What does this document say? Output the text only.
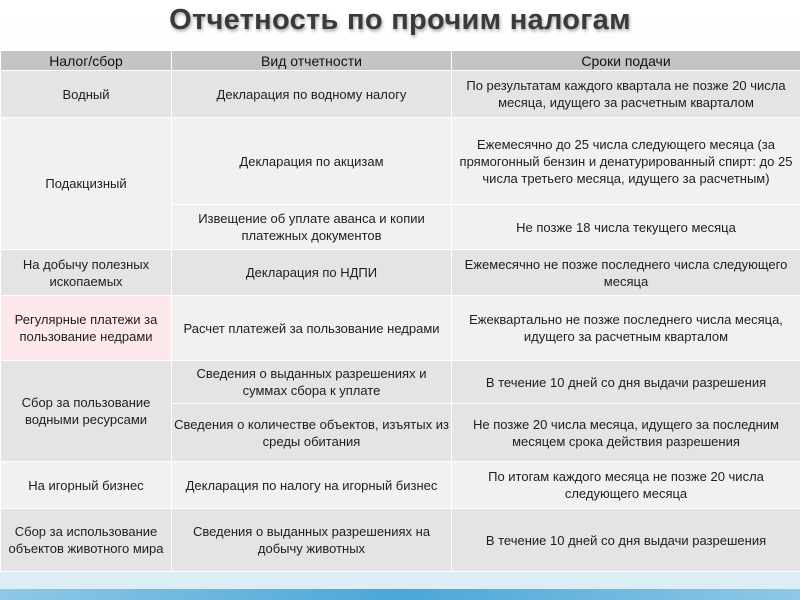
Отчетность по прочим налогам
Налог/сбор	Вид отчетности	Сроки подачи
Водный	Декларация по водному налогу	По результатам каждого квартала не позже 20 числа месяца, идущего за расчетным кварталом
Подакцизный	Декларация по акцизам	Ежемесячно до 25 числа следующего месяца (за прямогонный бензин и денатурированный спирт: до 25 числа третьего месяца, идущего за расчетным)
	Извещение об уплате аванса и копии платежных документов	Не позже 18 числа текущего месяца
На добычу полезных ископаемых	Декларация по НДПИ	Ежемесячно не позже последнего числа следующего месяца
Регулярные платежи за пользование недрами	Расчет платежей за пользование недрами	Ежеквартально не позже последнего числа месяца, идущего за расчетным кварталом
Сбор за пользование водными ресурсами	Сведения о выданных разрешениях и суммах сбора к уплате	В течение 10 дней со дня выдачи разрешения
	Сведения о количестве объектов, изъятых из среды обитания	Не позже 20 числа месяца, идущего за последним месяцем срока действия разрешения
На игорный бизнес	Декларация по налогу на игорный бизнес	По итогам каждого месяца не позже 20 числа следующего месяца
Сбор за использование объектов животного мира	Сведения о выданных разрешениях на добычу животных	В течение 10 дней со дня выдачи разрешения
